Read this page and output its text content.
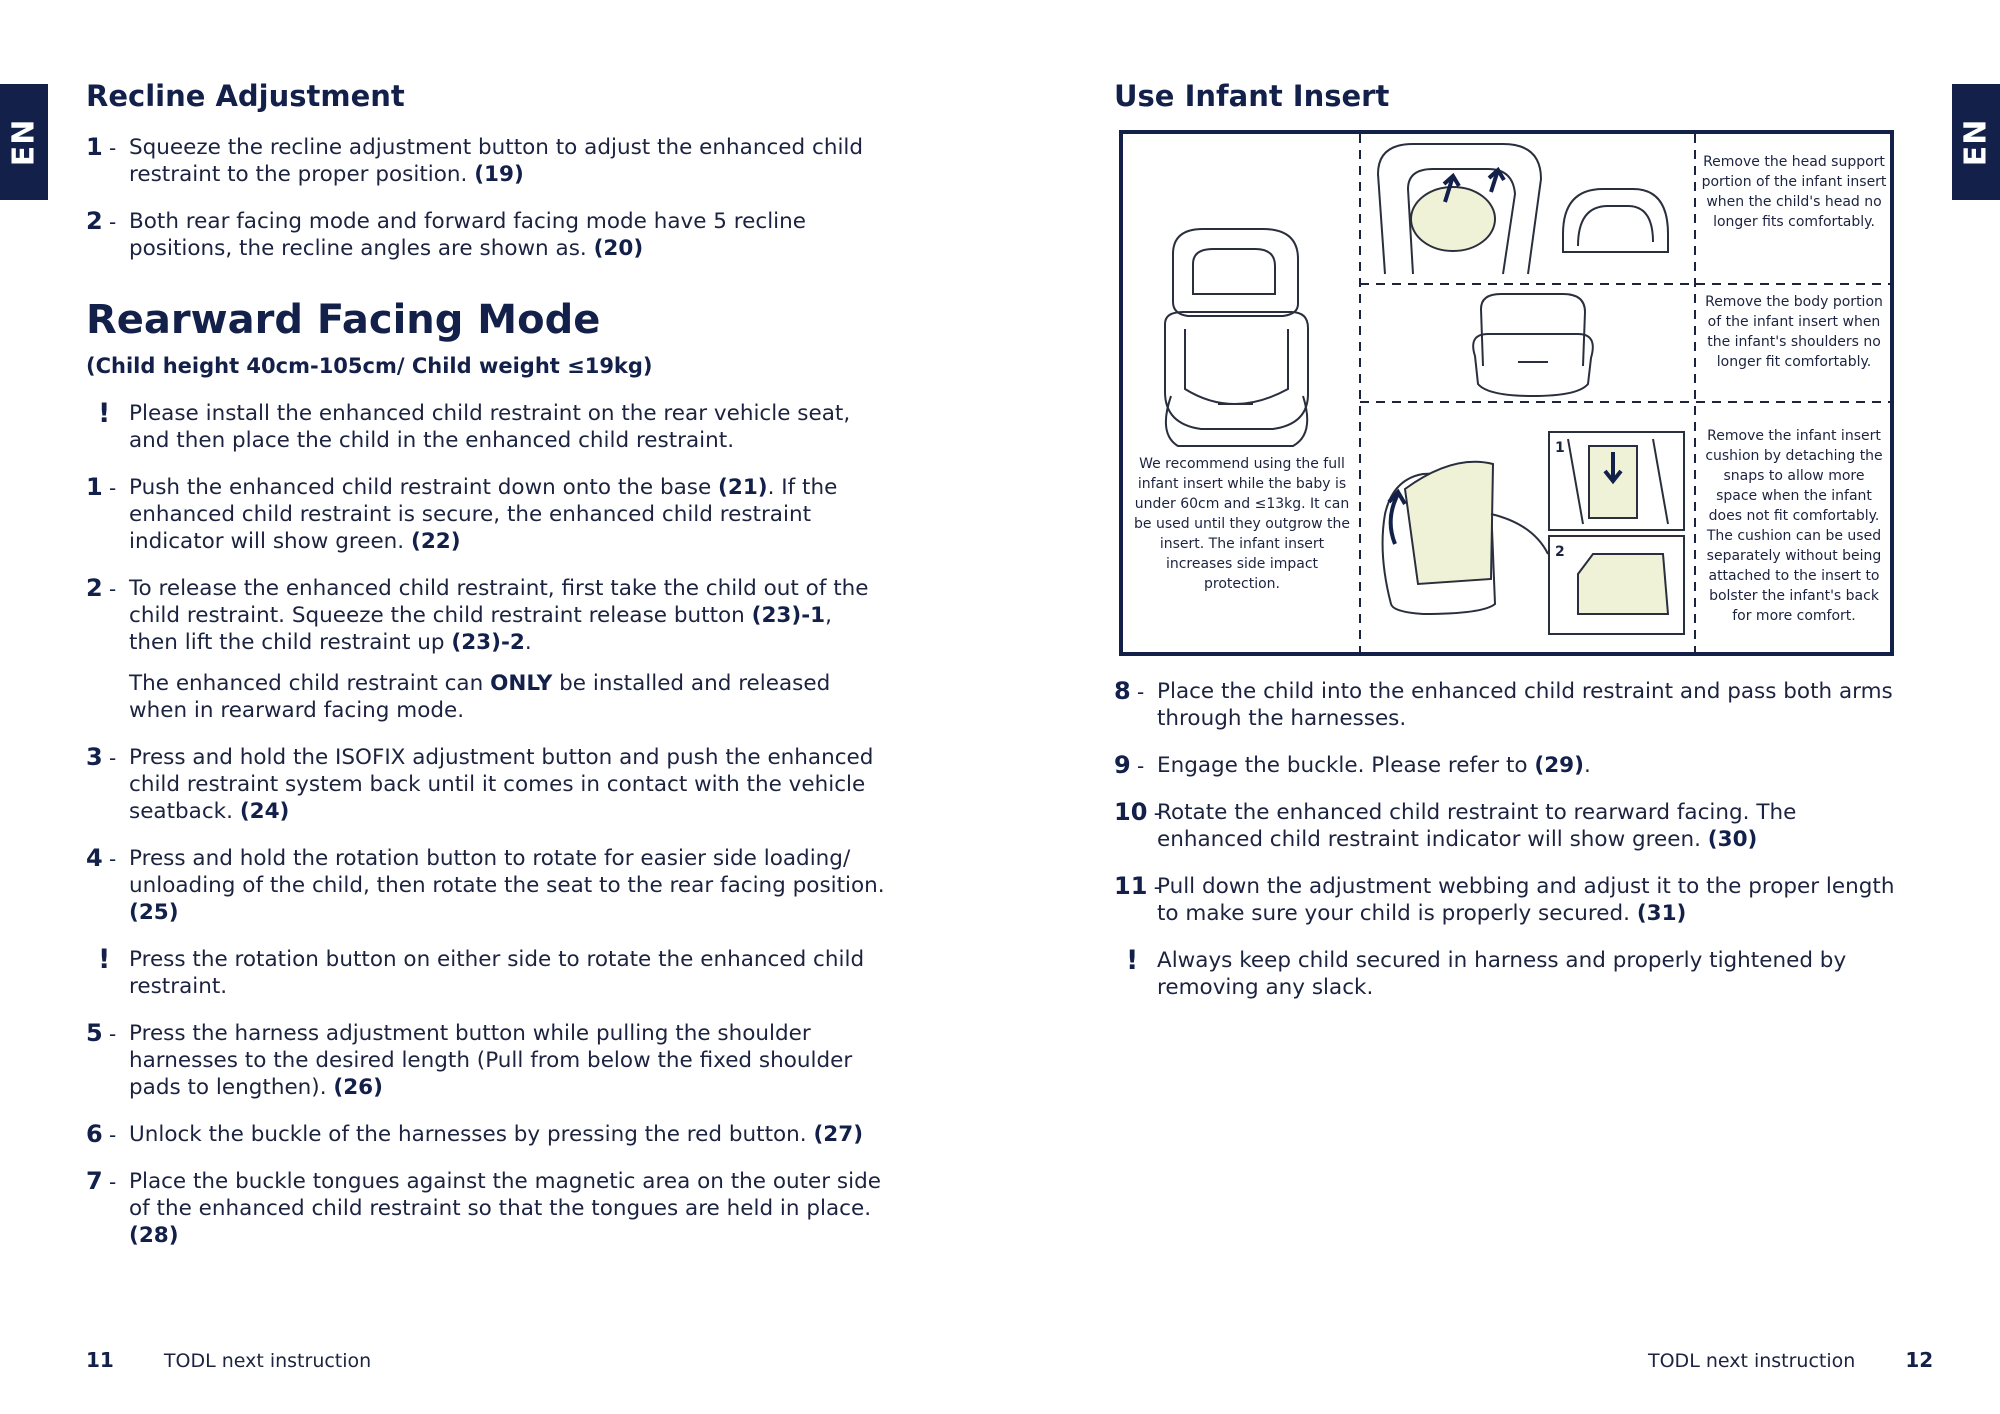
EN	EN
Recline Adjustment
1 - Squeeze the recline adjustment button to adjust the enhanced child restraint to the proper position. (19)
2 - Both rear facing mode and forward facing mode have 5 recline positions, the recline angles are shown as. (20)
Rearward Facing Mode
(Child height 40cm-105cm/ Child weight ≤19kg)
! Please install the enhanced child restraint on the rear vehicle seat, and then place the child in the enhanced child restraint.
1 - Push the enhanced child restraint down onto the base (21). If the enhanced child restraint is secure, the enhanced child restraint indicator will show green. (22)
2 - To release the enhanced child restraint, first take the child out of the child restraint. Squeeze the child restraint release button (23)-1, then lift the child restraint up (23)-2.
The enhanced child restraint can ONLY be installed and released when in rearward facing mode.
3 - Press and hold the ISOFIX adjustment button and push the enhanced child restraint system back until it comes in contact with the vehicle seatback. (24)
4 - Press and hold the rotation button to rotate for easier side loading/ unloading of the child, then rotate the seat to the rear facing position. (25)
! Press the rotation button on either side to rotate the enhanced child restraint.
5 - Press the harness adjustment button while pulling the shoulder harnesses to the desired length (Pull from below the fixed shoulder pads to lengthen). (26)
6 - Unlock the buckle of the harnesses by pressing the red button. (27)
7 - Place the buckle tongues against the magnetic area on the outer side of the enhanced child restraint so that the tongues are held in place. (28)
Use Infant Insert
1
2
We recommend using the full infant insert while the baby is under 60cm and ≤13kg. It can be used until they outgrow the insert. The infant insert increases side impact protection.
Remove the head support portion of the infant insert when the child's head no longer fits comfortably.
Remove the body portion of the infant insert when the infant's shoulders no longer fit comfortably.
Remove the infant insert cushion by detaching the snaps to allow more space when the infant does not fit comfortably. The cushion can be used separately without being attached to the insert to bolster the infant's back for more comfort.
8 - Place the child into the enhanced child restraint and pass both arms through the harnesses.
9 - Engage the buckle. Please refer to (29).
10 -
Rotate the enhanced child restraint to rearward facing. The enhanced child restraint indicator will show green. (30)
11 -
Pull down the adjustment webbing and adjust it to the proper length to make sure your child is properly secured. (31)
! Always keep child secured in harness and properly tightened by removing any slack.
11	TODL next instruction	TODL next instruction	12
